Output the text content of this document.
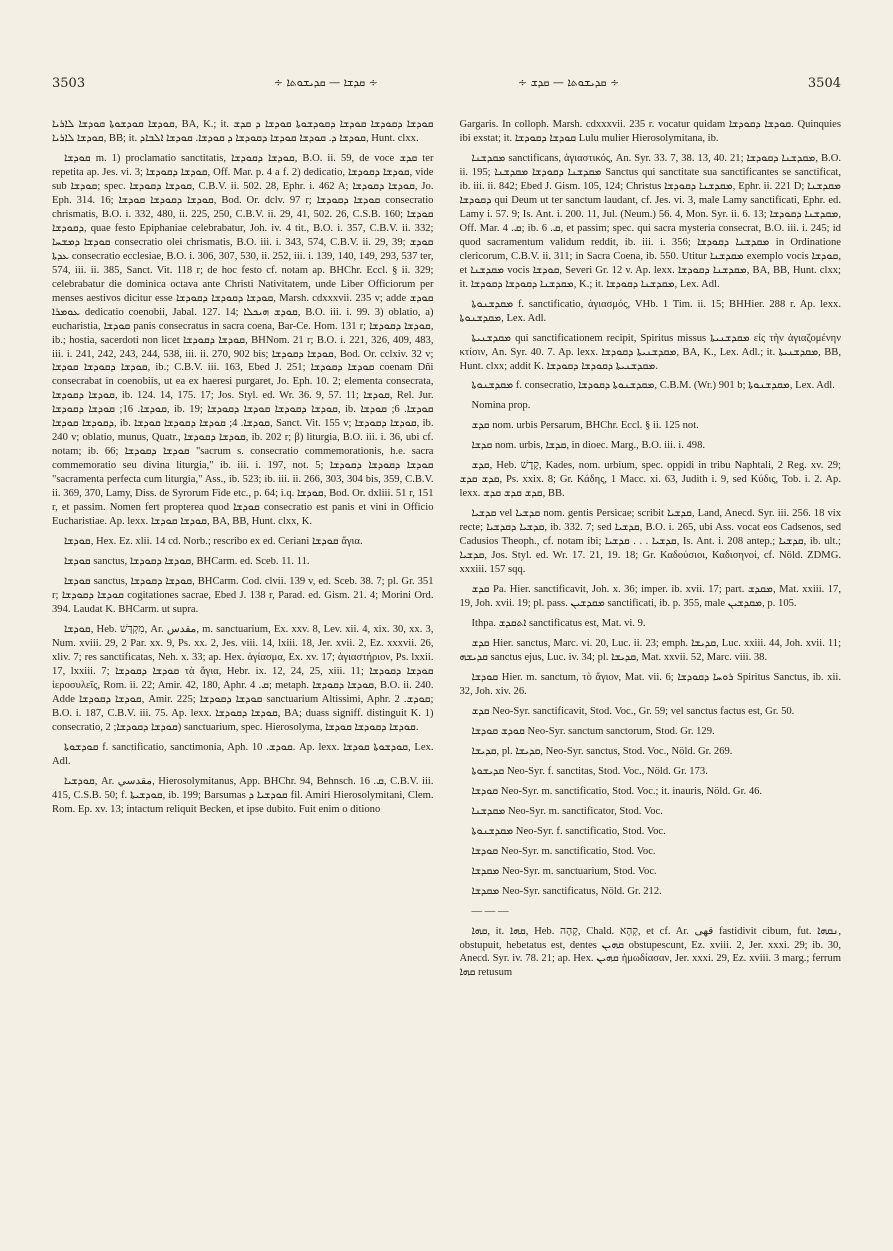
3503	∻ ܩܕܫܐ — ܩܕܝܫܘܬܐ ∻	∻ ܩܕܝܫܘܬܐ — ܩܕܫ ∻	3504

ܩܘܕܫܐ ܩܘܕܫܘܬܐ ܩܘܕܫܐ ܠܐܪܝܐ, BA, K.; it. ܩܘܕܫܐ ܕܩܘܕܫܐ ܩܘܕܫܐ ܕܩܘܕܫܘܬܐ ܩܘܕܫܐ ܕ ܩܕܫ ܩܘܕܫܐ ܠܐܪܝܐ, BB; it. ܩܘܕܫܐ ܕ. ܩܘܕܫܐ ܩܘܕܫܐ ܕܩܘܕܫܐ ܕ ܩܘܕܫܐ. ܩܘܕܫܐ ܐܠܒܐܕ, Hunt. clxx.

ܩܘܕܫܐ m. 1) proclamatio sanctitatis, ܩܘܕܫܐ ܕܩܘܕܫܐ, B.O. ii. 59, de voce ܩܕܫ ter repetita ap. Jes. vi. 3; ܩܘܕܫܐ ܕܩܘܕܫܐ, Off. Mar. p. 4 a f. 2) dedicatio, ܩܘܕܫܐ ܕܩܘܕܫܐ, vide sub ܩܘܕܫܐ; spec. ܩܘܕܫܐ ܕܩܘܕܫܐ, C.B.V. ii. 502. 28, Ephr. i. 462 A; ܩܘܕܫܐ ܕܩܘܕܫܐ, Jo. Eph. 314. 16; ܩܘܕܫܐ ܕܩܘܕܫܐ ܩܘܕܫܐ, Bod. Or. dclv. 97 r; ܩܘܕܫܐ ܕܩܘܕܫܐ consecratio chrismatis, B.O. i. 332, 480, ii. 225, 250, C.B.V. ii. 29, 41, 502. 26, C.S.B. 160; ܩܘܕܫܐ ܕܩܘܕܫܐ, quae festo Epiphaniae celebrabatur, Joh. iv. 4 tit., B.O. i. 357, C.B.V. ii. 332; ܩܘܕܫܐ ܕܡܫܚܐ consecratio olei chrismatis, B.O. iii. i. 343, 574, C.B.V. ii. 29, 39; ܩܘܕܫ ܥܕܬܐ consecratio ecclesiae, B.O. i. 306, 307, 530, ii. 252, iii. i. 139, 140, 149, 293, 537 ter, 574, iii. ii. 385, Sanct. Vit. 118 r; de hoc festo cf. notam ap. BHChr. Eccl. § ii. 329; celebrabatur die dominica octava ante Christi Nativitatem, unde Liber Officiorum per menses aestivos dicitur esse ܩܘܕܫܐ ܕܩܘܕܫܐ ܕܩܘܕܫܐ, Marsh. cdxxxvii. 235 v; adde ܩܘܕܫ ܥܘܡܪܐ dedicatio coenobii, Jabal. 127. 14; ܩܘܕܫ ܗܝܟܠܐ, B.O. iii. i. 99. 3) oblatio, a) eucharistia, ܩܘܕܫܐ panis consecratus in sacra coena, Bar-Ce. Hom. 131 r; ܩܘܕܫܐ ܕܩܘܕܫܐ, ib.; hostia, sacerdoti non licet ܩܘܕܫܐ ܕܩܘܕܫܐ, BHNom. 21 r; B.O. i. 221, 326, 409, 483, iii. i. 241, 242, 243, 244, 538, iii. ii. 270, 902 bis; ܩܘܕܫܐ ܕܩܘܕܫܐ, Bod. Or. cclxiv. 32 v; ܩܘܕܫܐ ܕܩܘܕܫܐ ܩܘܕܫܐ, ib.; C.B.V. iii. 163, Ebed J. 251; ܩܘܕܫܐ ܕܩܘܕܫܐ coenam Dñi consecrabat in coenobiis, ut ea ex haeresi purgaret, Jo. Eph. 10. 2; elementa consecrata, ܩܘܕܫܐ ܕܩܘܕܫܐ, ib. 124. 14, 175. 17; Jos. Styl. ed. Wr. 36. 9, 57. 11; ܩܘܕܫܐ, Rel. Jur. ܩܘܕܫܐ. 16; ܩܘܕܫܐ ܕܩܘܕܫܐ, ib. 19; ܩܘܕܫܐ ܕܩܘܕܫܐ ܩܘܕܫܐ ܕܩܘܕܫܐ, ib. ܩܘܕܫܐ. 6; ܩܘܕܫܐ ܕܩܘܕܫܐ ܩܘܕܫܐ, ib. ܩܘܕܫܐ. 4; ܩܘܕܫܐ ܕܩܘܕܫܐ ܩܘܕܫܐ, Sanct. Vit. 155 v; ܩܘܕܫܐ ܕܩܘܕܫܐ, ib. 240 v; oblatio, munus, Quatr., ܩܘܕܫܐ ܕܩܘܕܫܐ, ib. 202 r; β) liturgia, B.O. iii. i. 36, ubi cf. notam; ib. 66; ܩܘܕܫܐ ܕܩܘܕܫܐ "sacrum s. consecratio commemorationis, h.e. sacra commemoratio seu divina liturgia," ib. iii. i. 197, not. 5; ܩܘܕܫܐ ܕܩܘܕܫܐ ܕܩܘܕܫܐ "sacramenta perfecta cum liturgia," Ass., ib. 523; ib. iii. ii. 266, 303, 304 bis, 359, C.B.V. ii. 369, 370, Lamy, Diss. de Syrorum Fide etc., p. 64; i.q. ܩܘܕܫܐ, Bod. Or. dxliii. 51 r, 151 r, et passim. Nomen fert propterea quod ܩܘܕܫܐ consecratio est panis et vini in Officio Eucharistiae. Ap. lexx. ܩܘܕܫܐ ܩܘܕܫܐ, BA, BB, Hunt. clxx, K.

ܩܘܕܫܐ, Hex. Ez. xlii. 14 cd. Norb.; rescribo ex ed. Ceriani ܩܘܕܫܐ ἅγια.

ܩܘܕܫܐ sanctus, ܩܘܕܫܐ ܕܩܘܕܫܐ, BHCarm. ed. Sceb. 11. 11.

ܩܘܕܫܐ sanctus, ܩܘܕܫܐ ܕܩܘܕܫܐ, BHCarm. Cod. clvii. 139 v, ed. Sceb. 38. 7; pl. Gr. 351 r; ܩܘܕܫܐ ܕܩܘܕܫܐ cogitationes sacrae, Ebed J. 138 r, Parad. ed. Gism. 21. 4; Morini Ord. 394. Laudat K. BHCarm. ut supra.

ܩܘܕܫܐ, Heb. מִקְדָּשׁ, Ar. مقدس, m. sanctuarium, Ex. xxv. 8, Lev. xii. 4, xix. 30, xx. 3, Num. xviii. 29, 2 Par. xx. 9, Ps. xx. 2, Jes. viii. 14, lxiii. 18, Jer. xvii. 2, Ez. xxxvii. 26, xliv. 7; res sanctificatas, Neh. x. 33; ap. Hex. ἁγίασμα, Ex. xv. 17; ἁγιαστήριον, Ps. lxxii. 17, lxxiii. 7; ܩܘܕܫܐ ܕܩܘܕܫܐ τὰ ἅγια, Hebr. ix. 12, 24, 25, xiii. 11; ܩܘܕܫܐ ܕܩܘܕܫܐ ἱεροσυλεῖς, Rom. ii. 22; Amir. 42, 180, Aphr. ܩ. 4; metaph. ܩܘܕܫܐ ܕܩܘܕܫܐ, B.O. ii. 240. Adde ܩܘܕܫܐ ܕܩܘܕܫܐ, Amir. 225; ܩܘܕܫܐ ܕܩܘܕܫܐ sanctuarium Altissimi, Aphr. ܩܘܕܫ. 2; B.O. i. 187, C.B.V. iii. 75. Ap. lexx. ܩܘܕܫܐ ܕܩܘܕܫܐ, BA; duass signiff. distinguit K. 1) consecratio, ܩܘܕܫܐ ܕܩܘܕܫܐ; 2) sanctuarium, spec. Hierosolyma, ܩܘܕܫܐ ܕܩܘܕܫܐ ܩܘܕܫܐ.

ܩܘܕܫܘܬܐ f. sanctificatio, sanctimonia, Aph. ܩܘܕܫ. 10. Ap. lexx. ܩܘܕܫܘܬܐ ܩܘܕܫܐ, Lex. Adl.

ܩܘܕܫܝܐ, Ar. مقدسي, Hierosolymitanus, App. BHChr. 94, Behnsch. ܩ. 16, C.B.V. iii. 415, C.S.B. 50; f. ܩܘܕܫܝܬܐ, ib. 199; Barsumas ܩܘܕܫܝܐ ܕ fil. Amiri Hierosolymitani, Clem. Rom. Ep. xv. 13; intactum reliquit Becken, et ipse dubito. Fuit enim o ditiono

Gargaris. In colloph. Marsh. cdxxxvii. 235 r. vocatur quidam ܩܘܕܫܐ ܕܩܘܕܫܐ. Quinquies ibi exstat; it. ܩܘܕܫܐ ܕܩܘܕܫܐ Lulu mulier Hierosolymitana, ib.

ܡܩܕܫܢܐ sanctificans, ἁγιαστικός, An. Syr. 33. 7, 38. 13, 40. 21; ܡܩܕܫܢܐ ܕܩܘܕܫܐ, B.O. ii. 195; ܡܩܕܫܢܐ ܕܩܘܕܫܐ ܡܩܕܫܢܐ Sanctus qui sanctitate sua sanctificantes se sanctificat, ib. iii. ii. 842; Ebed J. Gism. 105, 124; Christus ܡܩܕܫܢܐ ܕܩܘܕܫܐ, Ephr. ii. 221 D; ܡܩܕܫܢܐ ܕܩܘܕܫܐ qui Deum ut ter sanctum laudant, cf. Jes. vi. 3, male Lamy sanctificati, Ephr. ed. Lamy i. 57. 9; Is. Ant. i. 200. 11, Jul. (Neum.) 56. 4, Mon. Syr. ii. 6. 13; ܡܩܕܫܢܐ ܕܩܘܕܫܐ, Off. Mar. ܩ. 4; ib. ܩ. 6, et passim; spec. qui sacra mysteria consecrat, B.O. iii. i. 245; id quod sacramentum validum reddit, ib. iii. i. 356; ܡܩܕܫܢܐ ܕܩܘܕܫܐ in Ordinatione clericorum, C.B.V. ii. 311; in Sacra Coena, ib. 550. Utitur ܡܩܕܫܢܐ exemplo vocis ܩܘܕܫܐ, et ܡܩܕܫܢܐ vocis ܩܘܕܫܐ, Severi Gr. 12 v. Ap. lexx. ܡܩܕܫܢܐ ܕܩܘܕܫܐ, BA, BB, Hunt. clxx; it. ܡܩܕܫܢܐ ܕܩܘܕܫܐ ܕܩܘܕܫܐ, K.; it. ܡܩܕܫܢܐ ܕܩܘܕܫܐ, Lex. Adl.

ܡܩܕܫܢܘܬܐ f. sanctificatio, ἁγιασμός, VHb. 1 Tim. ii. 15; BHHier. 288 r. Ap. lexx. ܡܩܕܫܢܘܬܐ, Lex. Adl.

ܡܩܕܫܢܝܬܐ qui sanctificationem recipit, Spiritus missus ܡܩܕܫܢܝܬܐ εἰς τὴν ἁγιαζομένην κτίσιν, An. Syr. 40. 7. Ap. lexx. ܡܩܕܫܢܝܬܐ ܕܩܘܕܫܐ, BA, K., Lex. Adl.; it. ܡܩܕܫܢܝܬܐ, BB, Hunt. clxx; addit K. ܡܩܕܫܢܝܬܐ ܕܩܘܕܫܐ ܕܩܘܕܫܐ.

ܡܩܕܫܢܘܬܐ f. consecratio, ܡܩܕܫܢܘܬܐ ܕܩܘܕܫܐ, C.B.M. (Wr.) 901 b; ܡܩܕܫܢܘܬܐ, Lex. Adl.

Nomina prop.

ܩܕܫ nom. urbis Persarum, BHChr. Eccl. § ii. 125 not.

ܩܕܫܐ nom. urbis, ܩܕܫܐ, in dioec. Marg., B.O. iii. i. 498.

ܩܕܫ, Heb. קֶדֶשׁ, Kades, nom. urbium, spec. oppidi in tribu Naphtali, 2 Reg. xv. 29; ܩܕܫ ܩܕܫ, Ps. xxix. 8; Gr. Κάδης, 1 Macc. xi. 63, Judith i. 9, sed Κύδις, Tob. i. 2. Ap. lexx. ܩܕܫ ܩܕܫ ܩܕܫ, BB.

ܩܕܫܝܐ vel ܩܕܫܝܐ nom. gentis Persicae; scribit ܩܕܫܝܐ, Land, Anecd. Syr. iii. 256. 18 vix recte; ܩܕܫܝܐ ܕܩܕܫܝܐ, ib. 332. 7; sed ܩܕܫܝܐ, B.O. i. 265, ubi Ass. vocat eos Cadsenos, sed Cadusios Theoph., cf. notam ibi; ܩܕܫܝܐ . . . ܩܕܫܝܐ, Is. Ant. i. 208 antep.; ܩܕܫܝܐ, ib. ult.; ܩܕܫܝܐ, Jos. Styl. ed. Wr. 17. 21, 19. 18; Gr. Καδούσιοι, Καδισηνοί, cf. Nöld. ZDMG. xxxiii. 157 sqq.

ܩܕܫ Pa. Hier. sanctificavit, Joh. x. 36; imper. ib. xvii. 17; part. ܡܩܕܫ, Mat. xxiii. 17, 19, Joh. xvii. 19; pl. pass. ܡܩܕܫܝܢ sanctificati, ib. p. 355, male ܡܩܕܫܝܢ, p. 105.

Ithpa. ܐܬܩܕܫ sanctificatus est, Mat. vi. 9.

ܩܕܫ Hier. sanctus, Marc. vi. 20, Luc. ii. 23; emph. ܩܕܝܫܐ, Luc. xxiii. 44, Joh. xvii. 11; ܩܕܝܫܗ sanctus ejus, Luc. iv. 34; pl. ܩܕܝܫܐ, Mat. xxvii. 52, Marc. viii. 38.

ܩܘܕܫܐ Hier. m. sanctum, τὸ ἅγιον, Mat. vii. 6; ܪܘܚܐ ܕܩܘܕܫܐ Spiritus Sanctus, ib. xii. 32, Joh. xiv. 26.

ܩܕܫ Neo-Syr. sanctificavit, Stod. Voc., Gr. 59; vel sanctus factus est, Gr. 50.

ܩܘܕܫ ܩܘܕܫܐ Neo-Syr. sanctum sanctorum, Stod. Gr. 129.

ܩܕܝܫܐ, pl. ܩܕܝܫܐ, Neo-Syr. sanctus, Stod. Voc., Nöld. Gr. 269.

ܩܕܝܫܘܬܐ Neo-Syr. f. sanctitas, Stod. Voc., Nöld. Gr. 173.

ܩܘܕܫܐ Neo-Syr. m. sanctificatio, Stod. Voc.; it. inauris, Nöld. Gr. 46.

ܡܩܕܫܢܐ Neo-Syr. m. sanctificator, Stod. Voc.

ܡܩܕܫܢܘܬܐ Neo-Syr. f. sanctificatio, Stod. Voc.

ܩܘܕܫܐ Neo-Syr. m. sanctificatio, Stod. Voc.

ܡܩܕܫܐ Neo-Syr. m. sanctuarium, Stod. Voc.

ܡܩܕܫܐ Neo-Syr. sanctificatus, Nöld. Gr. 212.

— — —

ܩܗܐ, it. ܩܗܐ, Heb. קָהָה, Chald. קְהָא, et cf. Ar. قهى fastidivit cibum, fut. ܢܩܗܐ, obstupuit, hebetatus est, dentes ܩܗܝܢ obstupescunt, Ez. xviii. 2, Jer. xxxi. 29; ib. 30, Anecd. Syr. iv. 78. 21; ap. Hex. ܩܗܝܢ ἡμωδίασαν, Jer. xxxi. 29, Ez. xviii. 3 marg.; ferrum ܩܗܐ retusum
